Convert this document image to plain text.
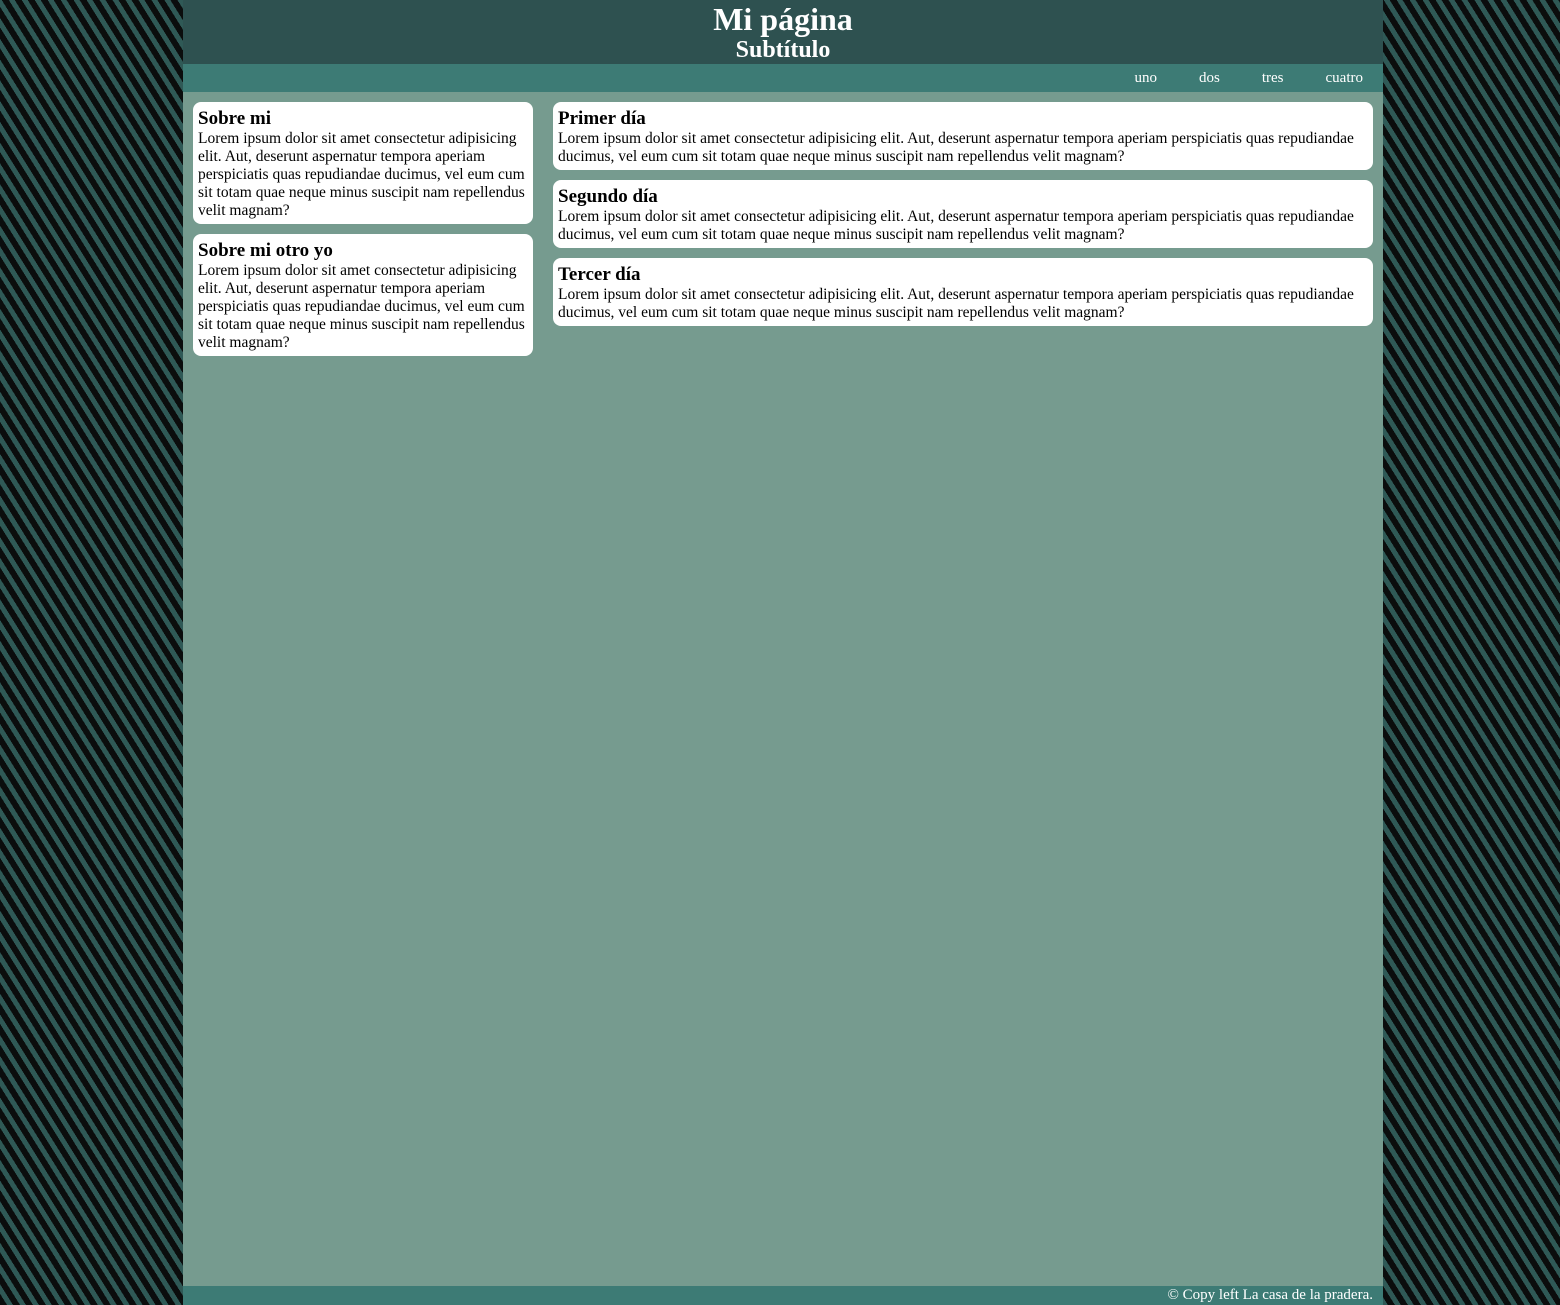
Mi página
Subtítulo
uno	dos	tres	cuatro
Sobre mi

Lorem ipsum dolor sit amet consectetur adipisicing elit. Aut, deserunt aspernatur tempora aperiam perspiciatis quas repudiandae ducimus, vel eum cum sit totam quae neque minus suscipit nam repellendus velit magnam?

Sobre mi otro yo

Lorem ipsum dolor sit amet consectetur adipisicing elit. Aut, deserunt aspernatur tempora aperiam perspiciatis quas repudiandae ducimus, vel eum cum sit totam quae neque minus suscipit nam repellendus velit magnam?

Primer día

Lorem ipsum dolor sit amet consectetur adipisicing elit. Aut, deserunt aspernatur tempora aperiam perspiciatis quas repudiandae ducimus, vel eum cum sit totam quae neque minus suscipit nam repellendus velit magnam?

Segundo día

Lorem ipsum dolor sit amet consectetur adipisicing elit. Aut, deserunt aspernatur tempora aperiam perspiciatis quas repudiandae ducimus, vel eum cum sit totam quae neque minus suscipit nam repellendus velit magnam?

Tercer día

Lorem ipsum dolor sit amet consectetur adipisicing elit. Aut, deserunt aspernatur tempora aperiam perspiciatis quas repudiandae ducimus, vel eum cum sit totam quae neque minus suscipit nam repellendus velit magnam?

© Copy left La casa de la pradera.
